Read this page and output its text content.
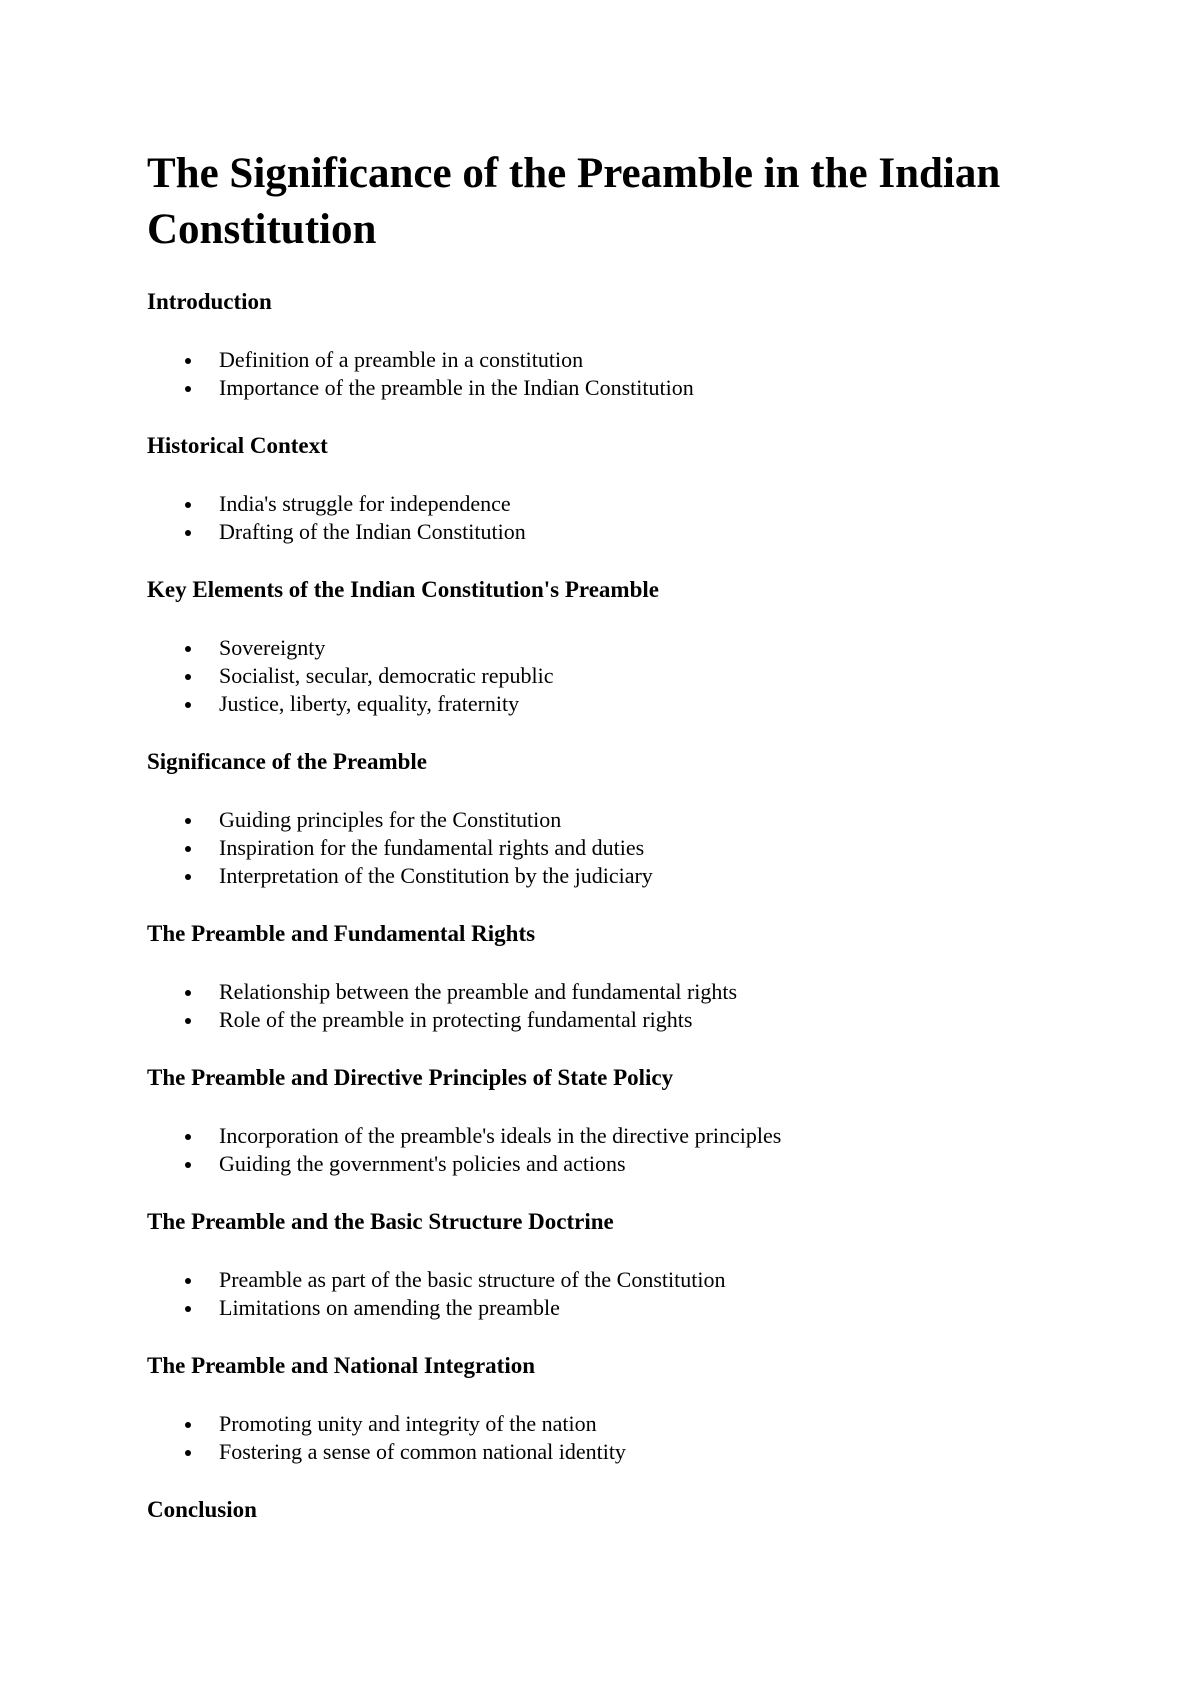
The Significance of the Preamble in the Indian Constitution
Introduction
Definition of a preamble in a constitution
Importance of the preamble in the Indian Constitution
Historical Context
India's struggle for independence
Drafting of the Indian Constitution
Key Elements of the Indian Constitution's Preamble
Sovereignty
Socialist, secular, democratic republic
Justice, liberty, equality, fraternity
Significance of the Preamble
Guiding principles for the Constitution
Inspiration for the fundamental rights and duties
Interpretation of the Constitution by the judiciary
The Preamble and Fundamental Rights
Relationship between the preamble and fundamental rights
Role of the preamble in protecting fundamental rights
The Preamble and Directive Principles of State Policy
Incorporation of the preamble's ideals in the directive principles
Guiding the government's policies and actions
The Preamble and the Basic Structure Doctrine
Preamble as part of the basic structure of the Constitution
Limitations on amending the preamble
The Preamble and National Integration
Promoting unity and integrity of the nation
Fostering a sense of common national identity
Conclusion
